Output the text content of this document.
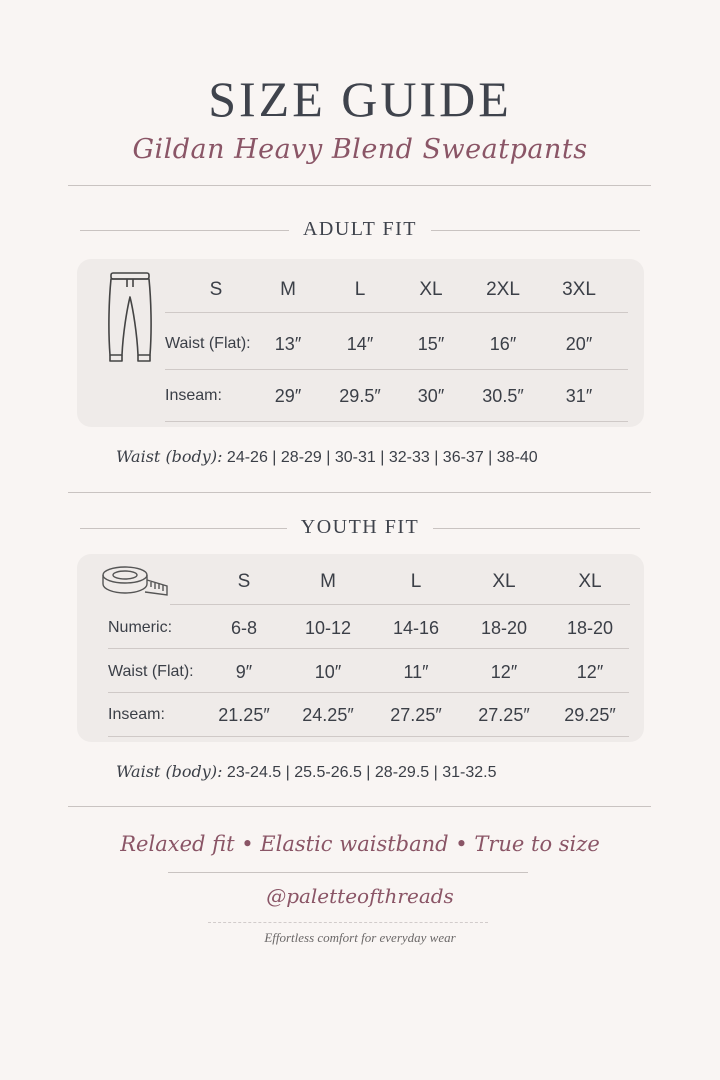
SIZE GUIDE
Gildan Heavy Blend Sweatpants
ADULT FIT
Waist (body): 24-26 | 28-29 | 30-31 | 32-33 | 36-37 | 38-40
YOUTH FIT
Waist (body): 23-24.5 | 25.5-26.5 | 28-29.5 | 31-32.5
Relaxed fit • Elastic waistband • True to size
@paletteofthreads
Effortless comfort for everyday wear
S	M	L	XL	2XL	3XL
Waist (Flat):	13″	14″	15″	16″	20″
Inseam:	29″	29.5″	30″	30.5″	31″
S	M	L	XL	XL
Numeric:	6-8	10-12	14-16	18-20	18-20
Waist (Flat):	9″	10″	11″	12″	12″
Inseam:	21.25″	24.25″	27.25″	27.25″	29.25″
